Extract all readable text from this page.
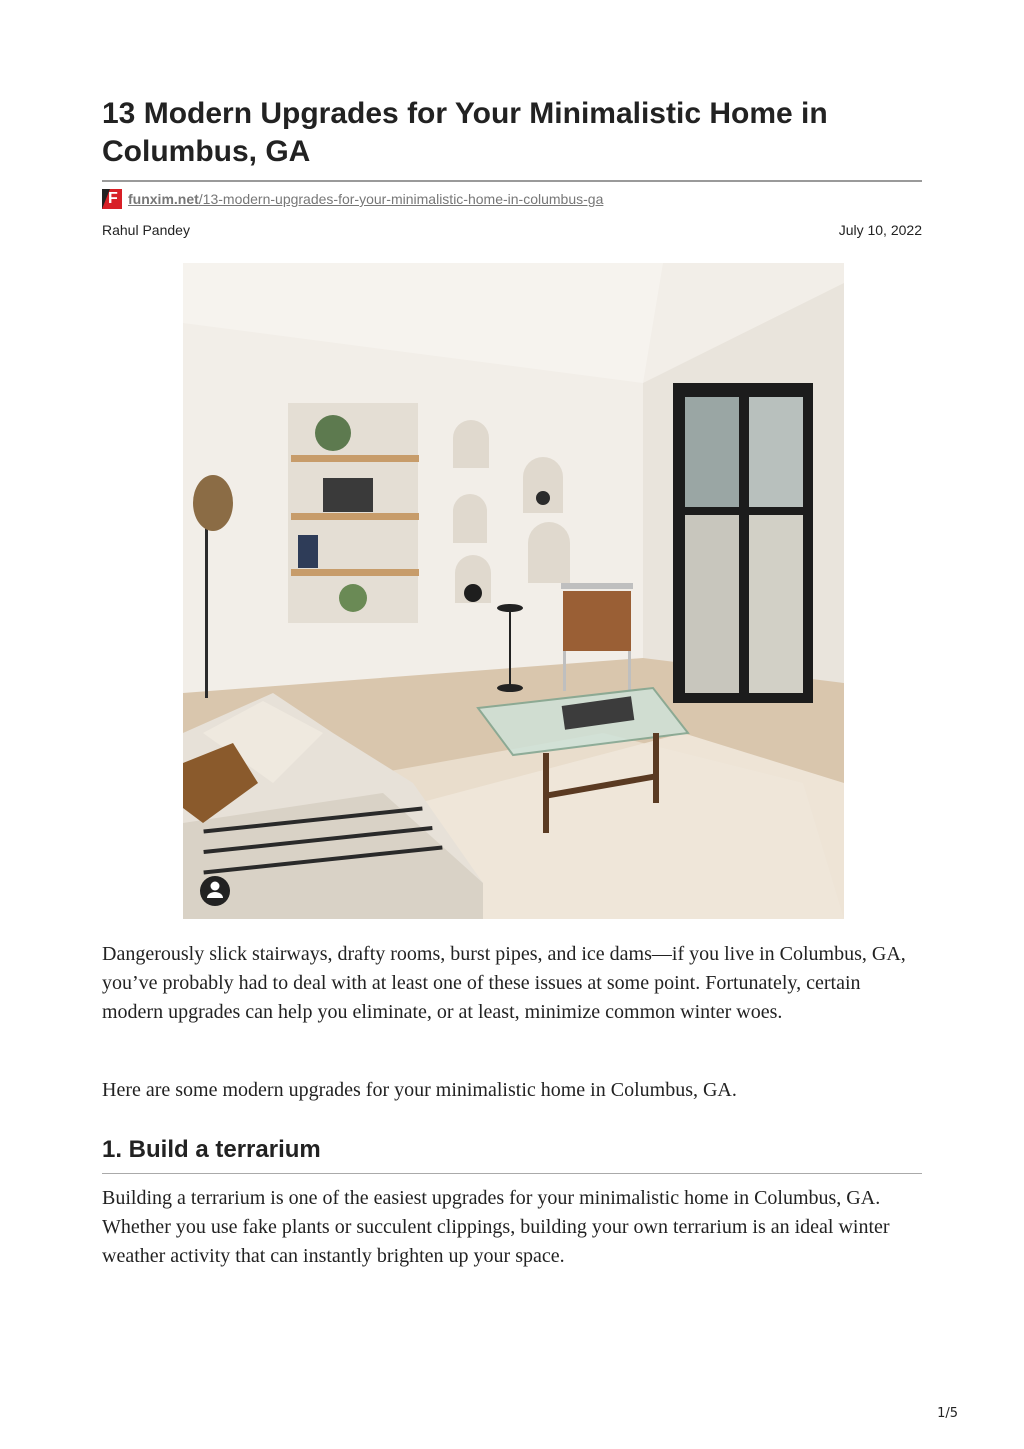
13 Modern Upgrades for Your Minimalistic Home in Columbus, GA
F funxim.net/13-modern-upgrades-for-your-minimalistic-home-in-columbus-ga
Rahul Pandey	July 10, 2022

Dangerously slick stairways, drafty rooms, burst pipes, and ice dams—if you live in Columbus, GA, you’ve probably had to deal with at least one of these issues at some point. Fortunately, certain modern upgrades can help you eliminate, or at least, minimize common winter woes.

Here are some modern upgrades for your minimalistic home in Columbus, GA.

1. Build a terrarium

Building a terrarium is one of the easiest upgrades for your minimalistic home in Columbus, GA. Whether you use fake plants or succulent clippings, building your own terrarium is an ideal winter weather activity that can instantly brighten up your space.

1/5
